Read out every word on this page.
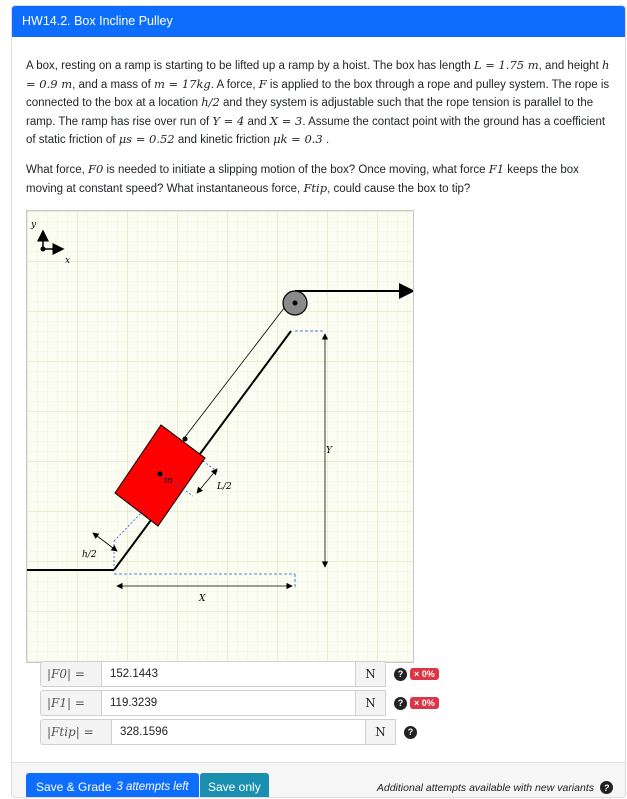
HW14.2. Box Incline Pulley
A box, resting on a ramp is starting to be lifted up a ramp by a hoist. The box has length L = 1.75 m, and height h = 0.9 m, and a mass of m = 17kg. A force, F is applied to the box through a rope and pulley system. The rope is connected to the box at a location h/2 and they system is adjustable such that the rope tension is parallel to the ramp. The ramp has rise over run of Y = 4 and X = 3. Assume the contact point with the ground has a coefficient of static friction of μs = 0.52 and kinetic friction μk = 0.3 .
What force, F0 is needed to initiate a slipping motion of the box? Once moving, what force F1 keeps the box moving at constant speed? What instantaneous force, Ftip, could cause the box to tip?
y
x
m
L/2
h/2
X
Y
|F0| =	152.1443	N	?	× 0%
|F1| =	119.3239	N	?	× 0%
|Ftip| =	328.1596	N	?
Save & Grade 3 attempts left	Save only	Additional attempts available with new variants	?
